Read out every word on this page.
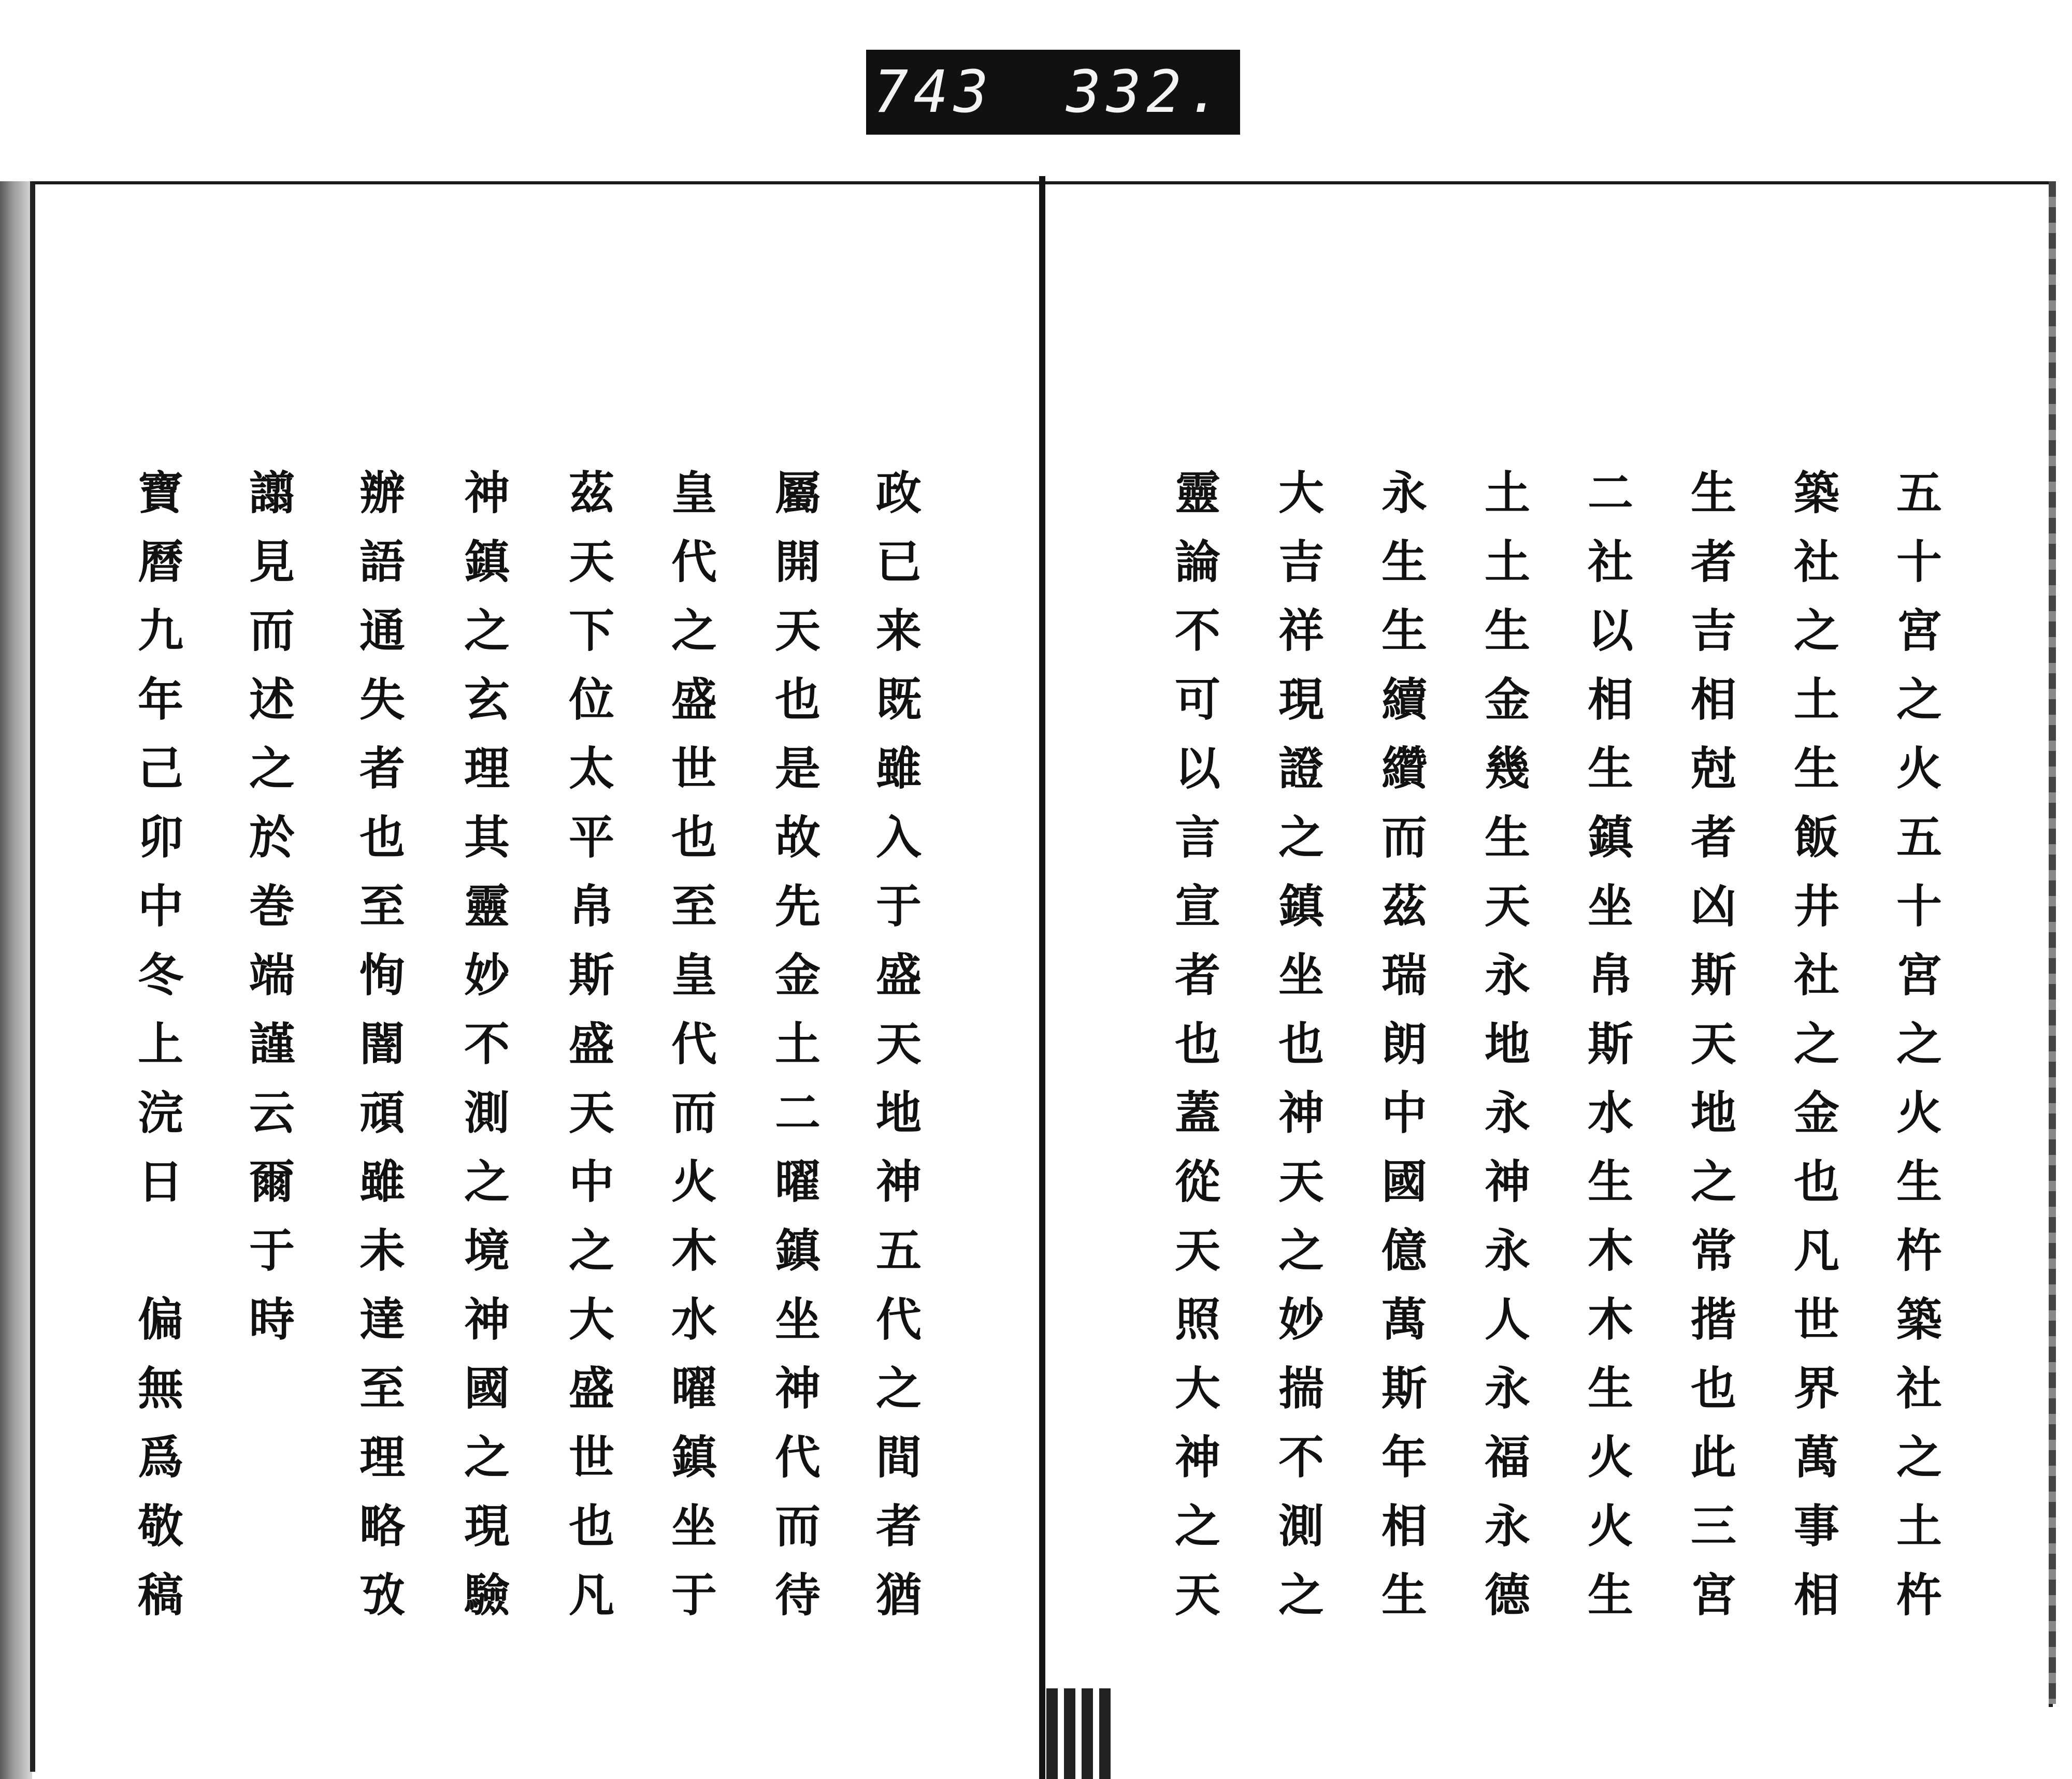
743 332.
五十宮之火五十宮之火生杵築社之土杵
築社之土生飯井社之金也凡世界萬事相
生者吉相尅者凶斯天地之常揩也此三宮
二社以相生鎮坐帛斯水生木木生火火生
土土生金幾生天永地永神永人永福永德
永生生續纘而茲瑞朗中國億萬斯年相生
大吉祥現證之鎮坐也神天之妙揣不測之
靈論不可以言宣者也蓋從天照大神之天
政已来既雖入于盛天地神五代之間者猶
屬開天也是故先金土二曜鎮坐神代而待
皇代之盛世也至皇代而火木水曜鎮坐于
茲天下位太平帛斯盛天中之大盛世也凡
神鎮之玄理其靈妙不測之境神國之現驗
辦語通失者也至恂闇頑雖未達至理略攷
譾見而述之於巻端謹云爾于時
寶曆九年己卯中冬上浣日　偏無爲敬稿
